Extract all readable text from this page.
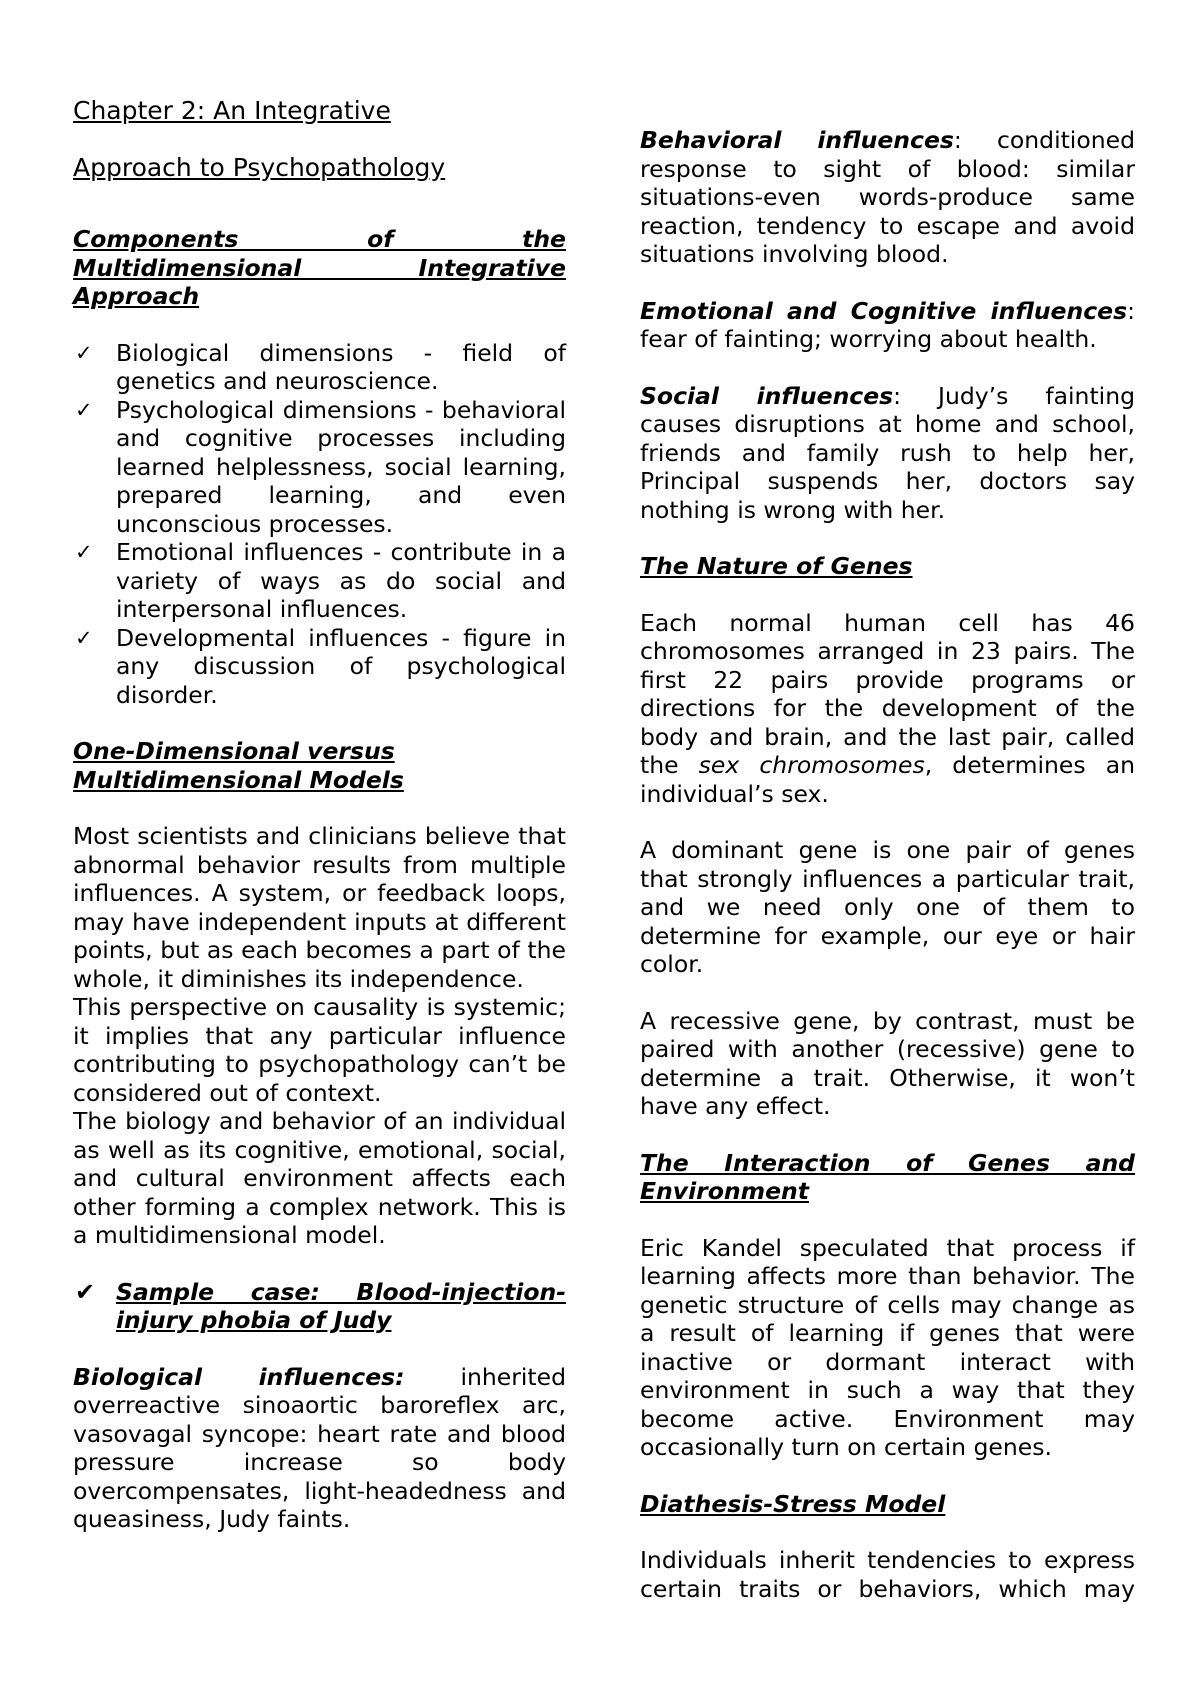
Chapter 2: An Integrative
Approach to Psychopathology
Components of the
Multidimensional Integrative
Approach
✓ Biological dimensions - field of genetics and neuroscience.
✓ Psychological dimensions - behavioral and cognitive processes including learned helplessness, social learning, prepared learning, and even unconscious processes.
✓ Emotional influences - contribute in a variety of ways as do social and interpersonal influences.
✓ Developmental influences - figure in any discussion of psychological disorder.
One-Dimensional versus
Multidimensional Models

Most scientists and clinicians believe that abnormal behavior results from multiple influences. A system, or feedback loops, may have independent inputs at different points, but as each becomes a part of the whole, it diminishes its independence.

This perspective on causality is systemic; it implies that any particular influence contributing to psychopathology can’t be considered out of context.

The biology and behavior of an individual as well as its cognitive, emotional, social, and cultural environment affects each other forming a complex network. This is a multidimensional model.

✔ Sample case: Blood-injection-injury phobia of Judy

Biological influences: inherited overreactive sinoaortic baroreflex arc, vasovagal syncope: heart rate and blood pressure increase so body overcompensates, light-headedness and queasiness, Judy faints.

Behavioral influences: conditioned response to sight of blood: similar situations-even words-produce same reaction, tendency to escape and avoid situations involving blood.

Emotional and Cognitive influences: fear of fainting; worrying about health.

Social influences: Judy’s fainting causes disruptions at home and school, friends and family rush to help her, Principal suspends her, doctors say nothing is wrong with her.

The Nature of Genes

Each normal human cell has 46 chromosomes arranged in 23 pairs. The first 22 pairs provide programs or directions for the development of the body and brain, and the last pair, called the sex chromosomes, determines an individual’s sex.

A dominant gene is one pair of genes that strongly influences a particular trait, and we need only one of them to determine for example, our eye or hair color.

A recessive gene, by contrast, must be paired with another (recessive) gene to determine a trait. Otherwise, it won’t have any effect.

The Interaction of Genes and Environment

Eric Kandel speculated that process if learning affects more than behavior. The genetic structure of cells may change as a result of learning if genes that were inactive or dormant interact with environment in such a way that they become active. Environment may occasionally turn on certain genes.

Diathesis-Stress Model

Individuals inherit tendencies to express certain traits or behaviors, which may
